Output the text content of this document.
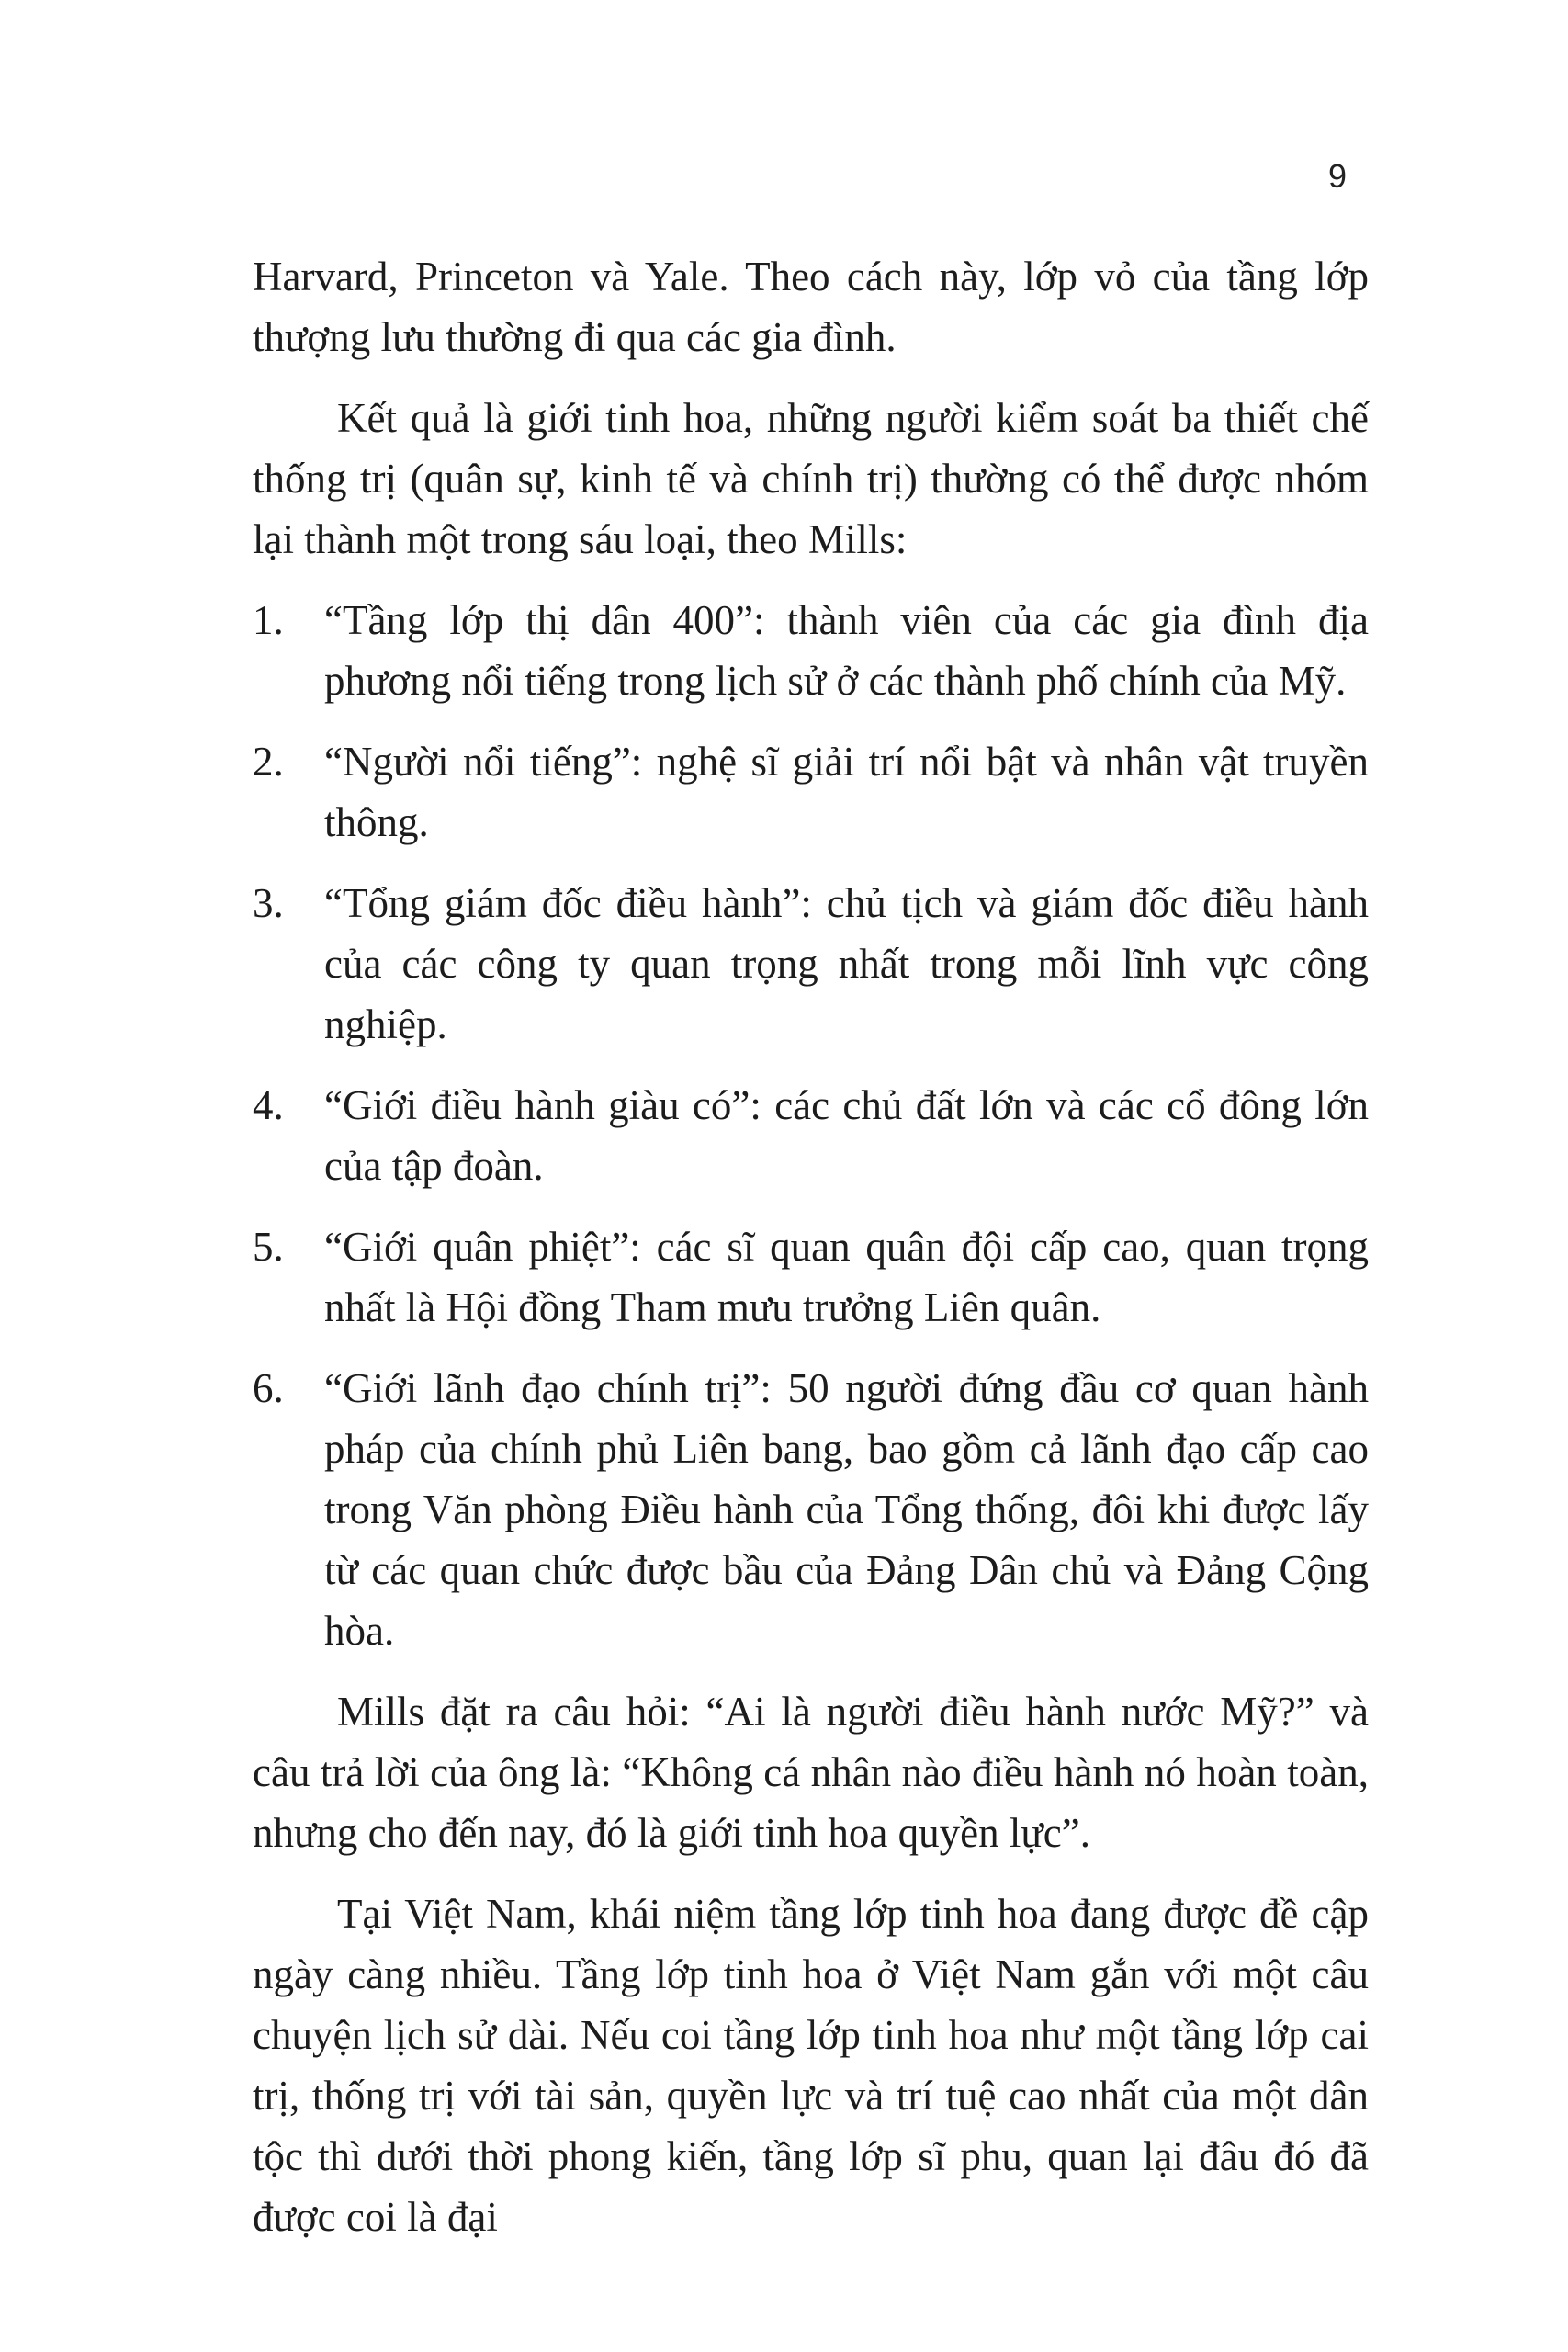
9

Harvard, Princeton và Yale. Theo cách này, lớp vỏ của tầng lớp thượng lưu thường đi qua các gia đình.

Kết quả là giới tinh hoa, những người kiểm soát ba thiết chế thống trị (quân sự, kinh tế và chính trị) thường có thể được nhóm lại thành một trong sáu loại, theo Mills:

1. “Tầng lớp thị dân 400”: thành viên của các gia đình địa phương nổi tiếng trong lịch sử ở các thành phố chính của Mỹ.
2. “Người nổi tiếng”: nghệ sĩ giải trí nổi bật và nhân vật truyền thông.
3. “Tổng giám đốc điều hành”: chủ tịch và giám đốc điều hành của các công ty quan trọng nhất trong mỗi lĩnh vực công nghiệp.
4. “Giới điều hành giàu có”: các chủ đất lớn và các cổ đông lớn của tập đoàn.
5. “Giới quân phiệt”: các sĩ quan quân đội cấp cao, quan trọng nhất là Hội đồng Tham mưu trưởng Liên quân.
6. “Giới lãnh đạo chính trị”: 50 người đứng đầu cơ quan hành pháp của chính phủ Liên bang, bao gồm cả lãnh đạo cấp cao trong Văn phòng Điều hành của Tổng thống, đôi khi được lấy từ các quan chức được bầu của Đảng Dân chủ và Đảng Cộng hòa.

Mills đặt ra câu hỏi: “Ai là người điều hành nước Mỹ?” và câu trả lời của ông là: “Không cá nhân nào điều hành nó hoàn toàn, nhưng cho đến nay, đó là giới tinh hoa quyền lực”.

Tại Việt Nam, khái niệm tầng lớp tinh hoa đang được đề cập ngày càng nhiều. Tầng lớp tinh hoa ở Việt Nam gắn với một câu chuyện lịch sử dài. Nếu coi tầng lớp tinh hoa như một tầng lớp cai trị, thống trị với tài sản, quyền lực và trí tuệ cao nhất của một dân tộc thì dưới thời phong kiến, tầng lớp sĩ phu, quan lại đâu đó đã được coi là đại
